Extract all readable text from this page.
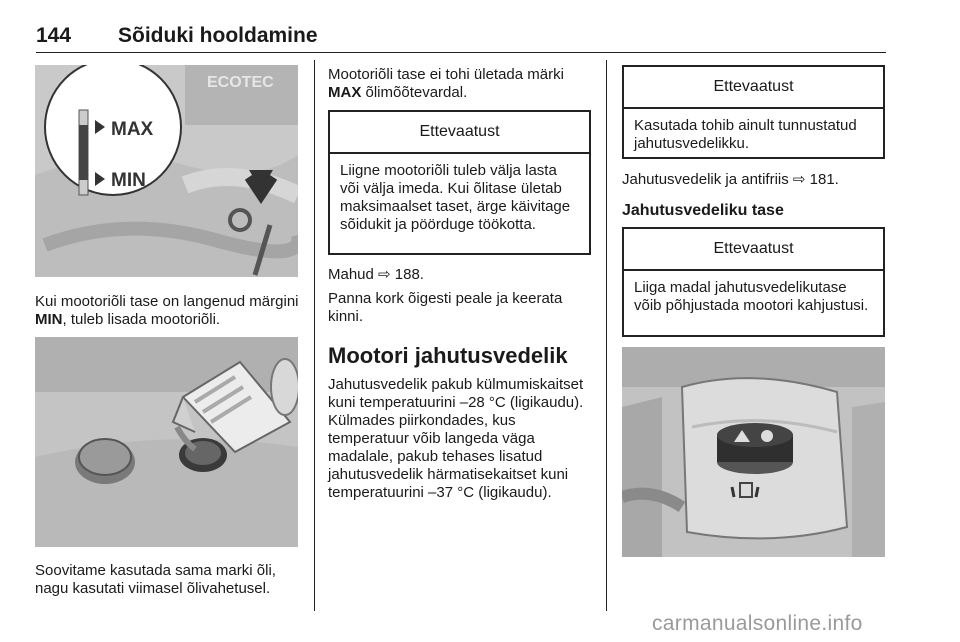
144 Sõiduki hooldamine
ECOTEC
MAX
MIN
Kui mootoriõli tase on langenud märgini MIN, tuleb lisada mootoriõli.
Soovitame kasutada sama marki õli, nagu kasutati viimasel õlivahetusel.
Mootoriõli tase ei tohi ületada märki
MAX õlimõõtevardal.
Ettevaatust
Liigne mootoriõli tuleb välja lasta või välja imeda. Kui õlitase ületab maksimaalset taset, ärge käivitage sõidukit ja pöörduge töökotta.
Mahud ⇨ 188.
Panna kork õigesti peale ja keerata kinni.
Mootori jahutusvedelik
Jahutusvedelik pakub külmumiskaitset kuni temperatuurini –28 °C (ligikaudu). Külmades piirkondades, kus temperatuur võib langeda väga madalale, pakub tehases lisatud jahutusvedelik härmatisekaitset kuni temperatuurini –37 °C (ligikaudu).
Ettevaatust
Kasutada tohib ainult tunnustatud jahutusvedelikku.
Jahutusvedelik ja antifriis ⇨ 181.
Jahutusvedeliku tase
Ettevaatust
Liiga madal jahutusvedelikutase võib põhjustada mootori kahjustusi.
carmanualsonline.info
